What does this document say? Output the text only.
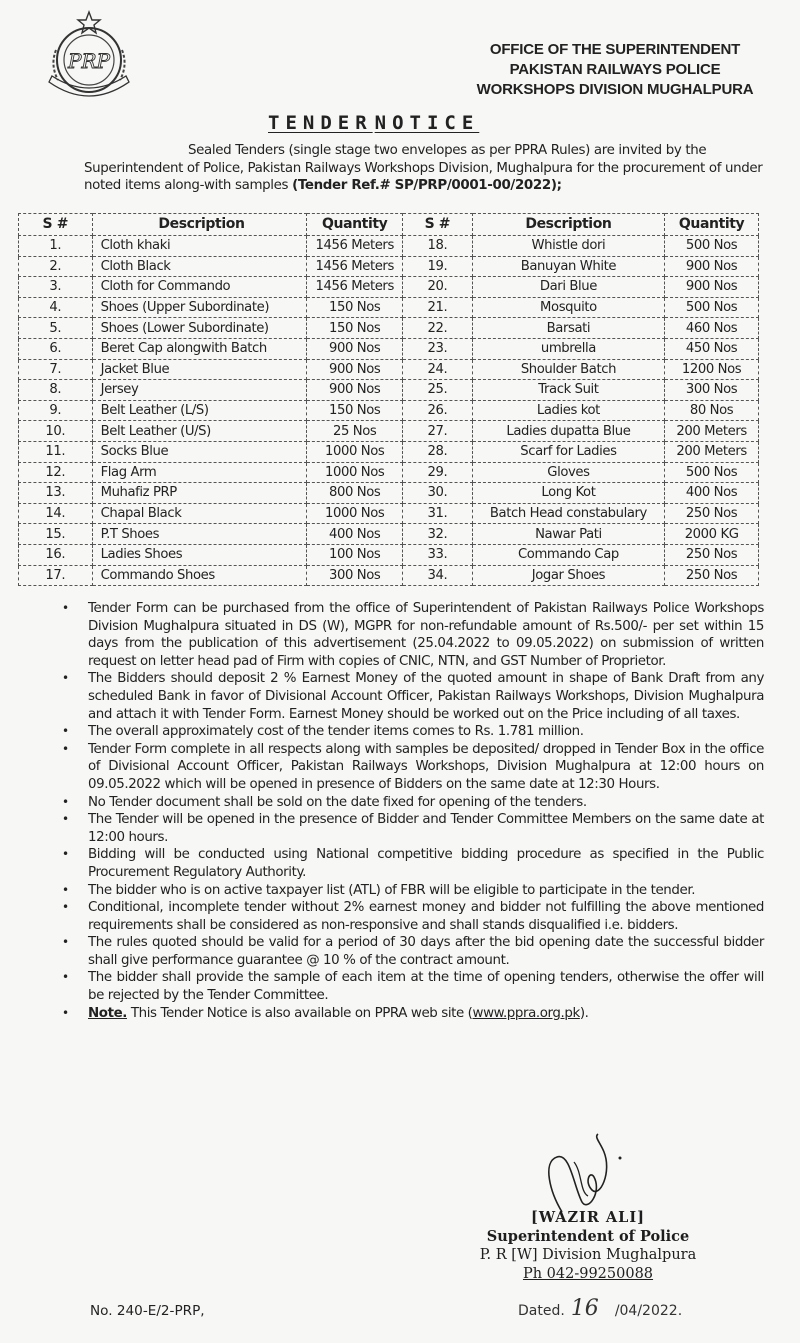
PRP	OFFICE OF THE SUPERINTENDENT
PAKISTAN RAILWAYS POLICE
WORKSHOPS DIVISION MUGHALPURA
TENDER NOTICE
Sealed Tenders (single stage two envelopes as per PPRA Rules) are invited by the Superintendent of Police, Pakistan Railways Workshops Division, Mughalpura for the procurement of under noted items along-with samples (Tender Ref.# SP/PRP/0001-00/2022);
S #	Description	Quantity	S #	Description	Quantity
1.	Cloth khaki	1456 Meters	18.	Whistle dori	500 Nos
2.	Cloth Black	1456 Meters	19.	Banuyan White	900 Nos
3.	Cloth for Commando	1456 Meters	20.	Dari Blue	900 Nos
4.	Shoes (Upper Subordinate)	150 Nos	21.	Mosquito	500 Nos
5.	Shoes (Lower Subordinate)	150 Nos	22.	Barsati	460 Nos
6.	Beret Cap alongwith Batch	900 Nos	23.	umbrella	450 Nos
7.	Jacket Blue	900 Nos	24.	Shoulder Batch	1200 Nos
8.	Jersey	900 Nos	25.	Track Suit	300 Nos
9.	Belt Leather (L/S)	150 Nos	26.	Ladies kot	80 Nos
10.	Belt Leather (U/S)	25 Nos	27.	Ladies dupatta Blue	200 Meters
11.	Socks Blue	1000 Nos	28.	Scarf for Ladies	200 Meters
12.	Flag Arm	1000 Nos	29.	Gloves	500 Nos
13.	Muhafiz PRP	800 Nos	30.	Long Kot	400 Nos
14.	Chapal Black	1000 Nos	31.	Batch Head constabulary	250 Nos
15.	P.T Shoes	400 Nos	32.	Nawar Pati	2000 KG
16.	Ladies Shoes	100 Nos	33.	Commando Cap	250 Nos
17.	Commando Shoes	300 Nos	34.	Jogar Shoes	250 Nos
• Tender Form can be purchased from the office of Superintendent of Pakistan Railways Police Workshops Division Mughalpura situated in DS (W), MGPR for non-refundable amount of Rs.500/- per set within 15 days from the publication of this advertisement (25.04.2022 to 09.05.2022) on submission of written request on letter head pad of Firm with copies of CNIC, NTN, and GST Number of Proprietor.
• The Bidders should deposit 2 % Earnest Money of the quoted amount in shape of Bank Draft from any scheduled Bank in favor of Divisional Account Officer, Pakistan Railways Workshops, Division Mughalpura and attach it with Tender Form. Earnest Money should be worked out on the Price including of all taxes.
• The overall approximately cost of the tender items comes to Rs. 1.781 million.
• Tender Form complete in all respects along with samples be deposited/ dropped in Tender Box in the office of Divisional Account Officer, Pakistan Railways Workshops, Division Mughalpura at 12:00 hours on 09.05.2022 which will be opened in presence of Bidders on the same date at 12:30 Hours.
• No Tender document shall be sold on the date fixed for opening of the tenders.
• The Tender will be opened in the presence of Bidder and Tender Committee Members on the same date at 12:00 hours.
• Bidding will be conducted using National competitive bidding procedure as specified in the Public Procurement Regulatory Authority.
• The bidder who is on active taxpayer list (ATL) of FBR will be eligible to participate in the tender.
• Conditional, incomplete tender without 2% earnest money and bidder not fulfilling the above mentioned requirements shall be considered as non-responsive and shall stands disqualified i.e. bidders.
• The rules quoted should be valid for a period of 30 days after the bid opening date the successful bidder shall give performance guarantee @ 10 % of the contract amount.
• The bidder shall provide the sample of each item at the time of opening tenders, otherwise the offer will be rejected by the Tender Committee.
• Note. This Tender Notice is also available on PPRA web site (www.ppra.org.pk).
[WAZIR ALI]
Superintendent of Police
P. R [W] Division Mughalpura
Ph 042-99250088
No. 240-E/2-PRP,	Dated. 16 /04/2022.
